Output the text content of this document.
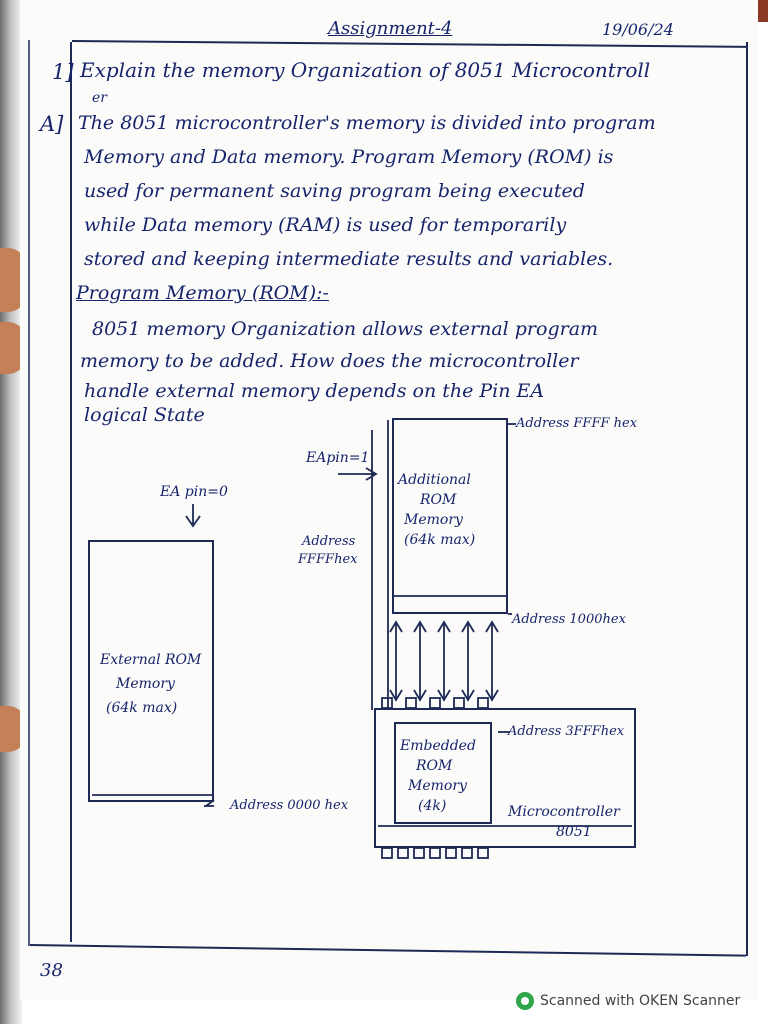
Assignment-4	19/06/24
1] Explain the memory Organization of 8051 Microcontroll
er
A] The 8051 microcontroller's memory is divided into program
Memory and Data memory. Program Memory (ROM) is
used for permanent saving program being executed
while Data memory (RAM) is used for temporarily
stored and keeping intermediate results and variables.
Program Memory (ROM):-
8051 memory Organization allows external program
memory to be added. How does the microcontroller
handle external memory depends on the Pin EA
logical State
EA pin=0
External ROM
Memory
(64k max)
Address 0000 hex
EApin=1
Address FFFF hex
Additional
ROM
Memory
(64k max)
Address
FFFFhex
Address 1000hex
Address 3FFFhex
Embedded
ROM
Memory
(4k)	Microcontroller
8051
38
Scanned with OKEN Scanner
